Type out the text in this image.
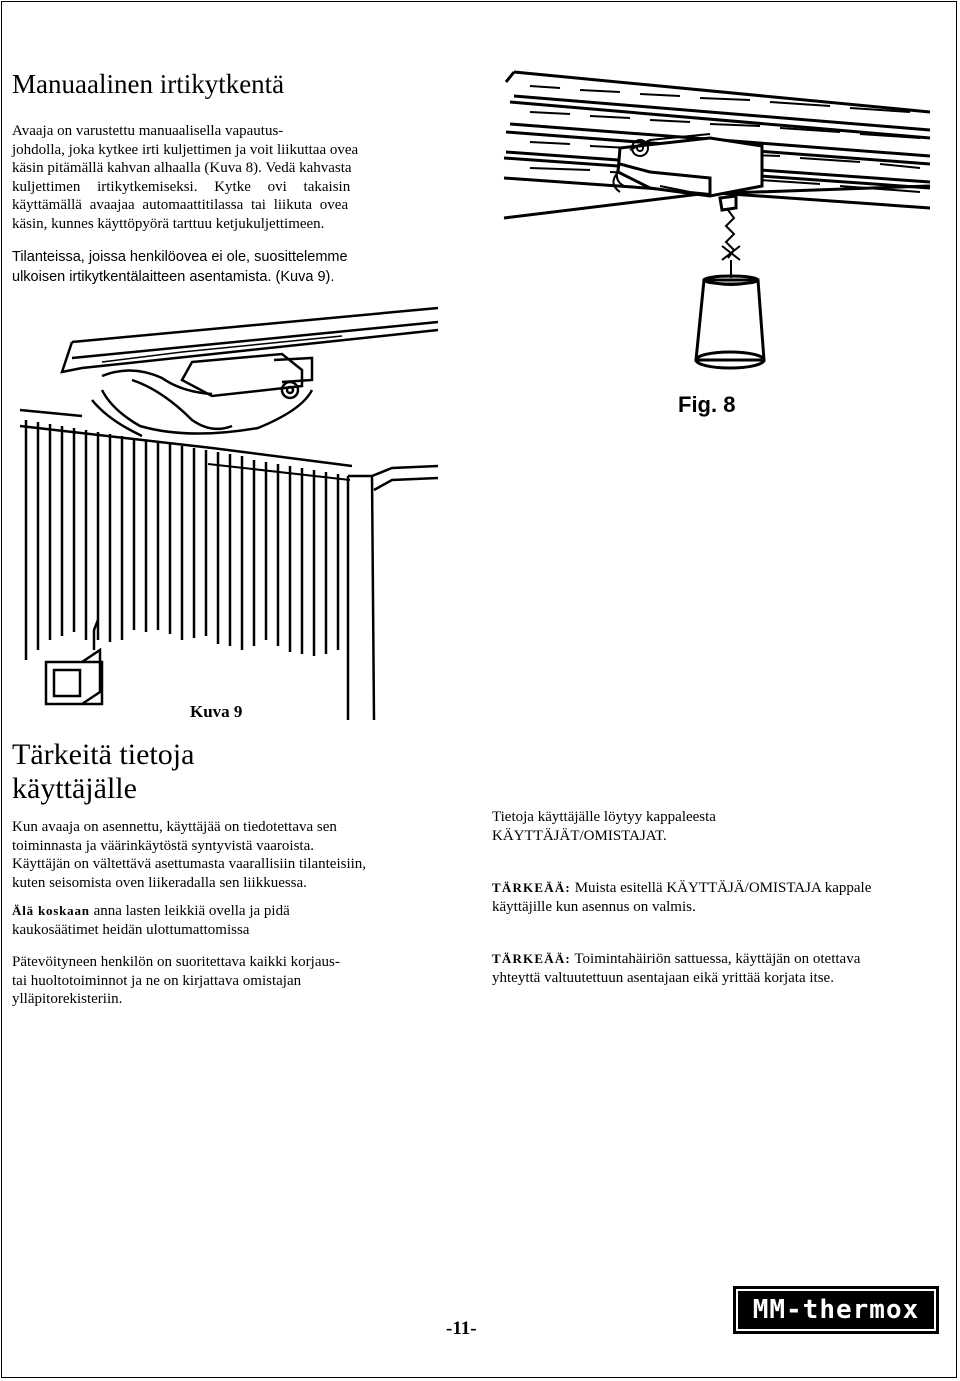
Manuaalinen irtikytkentä
Avaaja on varustettu manuaalisella vapautus-
johdolla, joka kytkee irti kuljettimen ja voit liikuttaa ovea
käsin pitämällä kahvan alhaalla (Kuva 8). Vedä kahvasta
kuljettimen irtikytkemiseksi. Kytke ovi takaisin
käyttämällä avaajaa automaattitilassa tai liikuta ovea
käsin, kunnes käyttöpyörä tarttuu ketjukuljettimeen.
Tilanteissa, joissa henkilöovea ei ole, suosittelemme
ulkoisen irtikytkentälaitteen asentamista. (Kuva 9).
Fig. 8
Kuva 9
Tärkeitä tietoja
käyttäjälle
Kun avaaja on asennettu, käyttäjää on tiedotettava sen
toiminnasta ja väärinkäytöstä syntyvistä vaaroista.
Käyttäjän on vältettävä asettumasta vaarallisiin tilanteisiin,
kuten seisomista oven liikeradalla sen liikkuessa.
Älä koskaan anna lasten leikkiä ovella ja pidä
kaukosäätimet heidän ulottumattomissa
Pätevöityneen henkilön on suoritettava kaikki korjaus-
tai huoltotoiminnot ja ne on kirjattava omistajan
ylläpitorekisteriin.
Tietoja käyttäjälle löytyy kappaleesta
KÄYTTÄJÄT/OMISTAJAT.
TÄRKEÄÄ: Muista esitellä KÄYTTÄJÄ/OMISTAJA kappale
käyttäjille kun asennus on valmis.
TÄRKEÄÄ: Toimintahäiriön sattuessa, käyttäjän on otettava
yhteyttä valtuutettuun asentajaan eikä yrittää korjata itse.
-11-
MM-thermox
